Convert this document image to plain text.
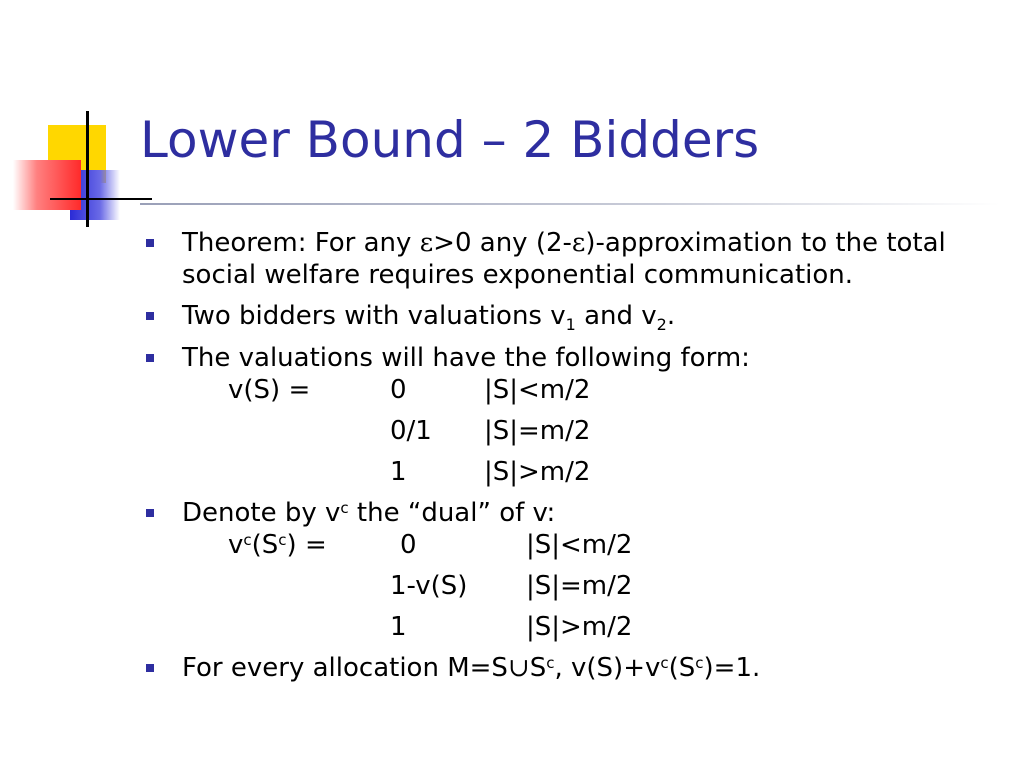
Lower Bound – 2 Bidders
Theorem: For any ε>0 any (2-ε)-approximation to the total social welfare requires exponential communication.
Two bidders with valuations $v_1$ and $v_2$.
The valuations will have the following form:
v(S) =	0	|S|<m/2
0/1 |S|=m/2
1	|S|>m/2
Denote by $v^c$ the “dual” of v:
$v^c(S^c)$ =	0	|S|<m/2
1-v(S) |S|=m/2
1	|S|>m/2
For every allocation $M=S\cup S^c$, $v(S)+v^c(S^c)=1$.
